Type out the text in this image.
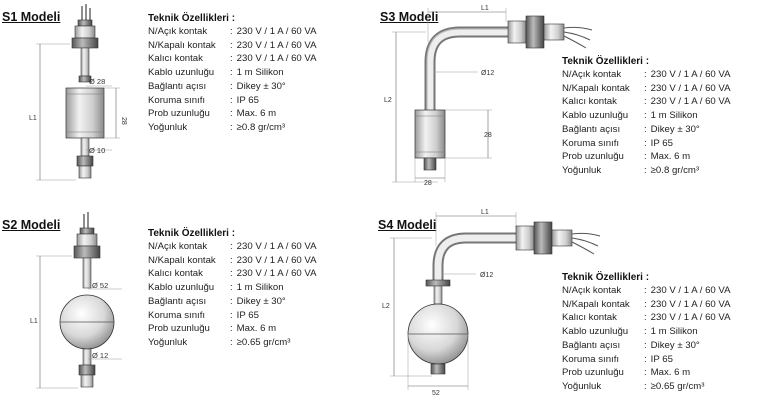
S1 Modeli
L1
Ø 28
28
Ø 10
Teknik Özellikleri :
N/Açık kontak	:	230 V / 1 A / 60 VA
N/Kapalı kontak	:	230 V / 1 A / 60 VA
Kalıcı kontak	:	230 V / 1 A / 60 VA
Kablo uzunluğu	:	1 m Silikon
Bağlantı açısı	:	Dikey ± 30°
Koruma sınıfı	:	IP 65
Prob uzunluğu	:	Max. 6 m
Yoğunluk	:	≥0.8 gr/cm³
S3 Modeli
L1
L2
Ø12
28
28
Teknik Özellikleri :
N/Açık kontak	:	230 V / 1 A / 60 VA
N/Kapalı kontak	:	230 V / 1 A / 60 VA
Kalıcı kontak	:	230 V / 1 A / 60 VA
Kablo uzunluğu	:	1 m Silikon
Bağlantı açısı	:	Dikey ± 30°
Koruma sınıfı	:	IP 65
Prob uzunluğu	:	Max. 6 m
Yoğunluk	:	≥0.8 gr/cm³
S2 Modeli
L1
Ø 52
Ø 12
Teknik Özellikleri :
N/Açık kontak	:	230 V / 1 A / 60 VA
N/Kapalı kontak	:	230 V / 1 A / 60 VA
Kalıcı kontak	:	230 V / 1 A / 60 VA
Kablo uzunluğu	:	1 m Silikon
Bağlantı açısı	:	Dikey ± 30°
Koruma sınıfı	:	IP 65
Prob uzunluğu	:	Max. 6 m
Yoğunluk	:	≥0.65 gr/cm³
S4 Modeli
L1
L2
Ø12
52
Teknik Özellikleri :
N/Açık kontak	:	230 V / 1 A / 60 VA
N/Kapalı kontak	:	230 V / 1 A / 60 VA
Kalıcı kontak	:	230 V / 1 A / 60 VA
Kablo uzunluğu	:	1 m Silikon
Bağlantı açısı	:	Dikey ± 30°
Koruma sınıfı	:	IP 65
Prob uzunluğu	:	Max. 6 m
Yoğunluk	:	≥0.65 gr/cm³
